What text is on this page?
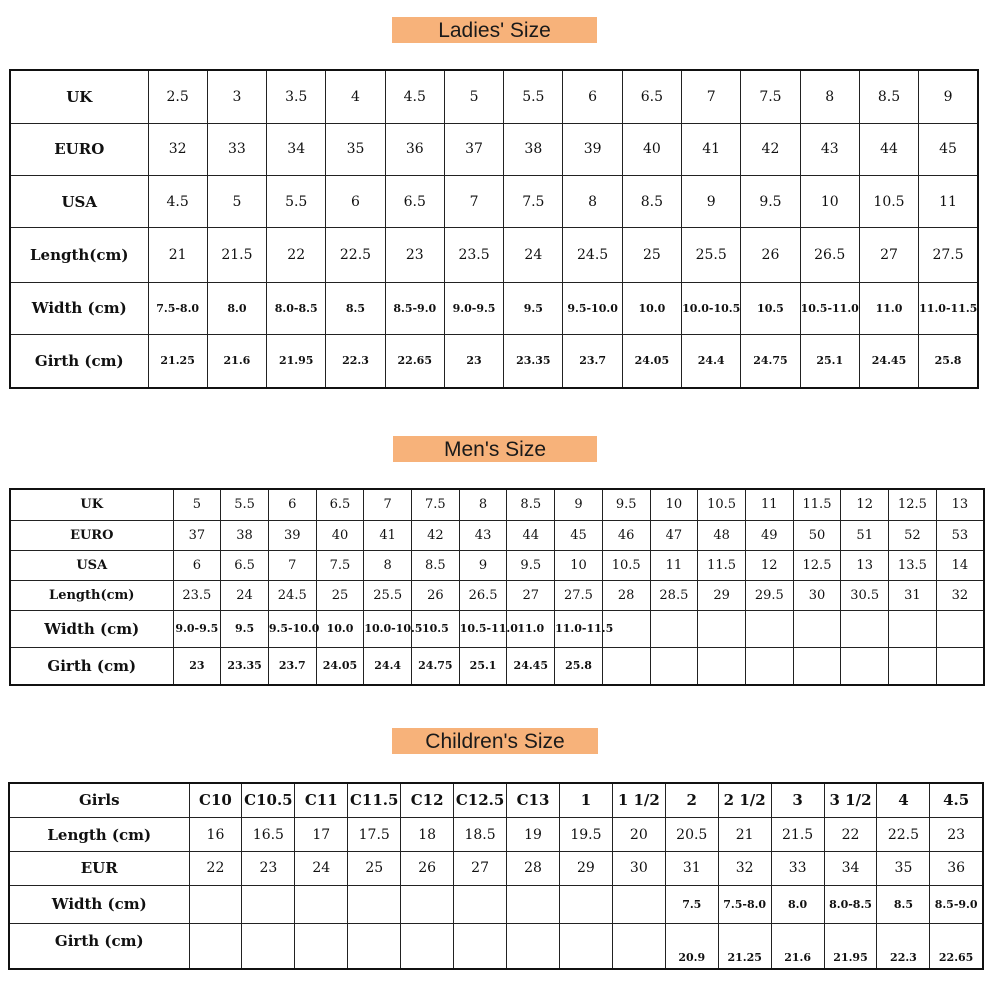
Ladies' Size
UK	2.5	3	3.5	4	4.5	5	5.5	6	6.5	7	7.5	8	8.5	9
EURO	32	33	34	35	36	37	38	39	40	41	42	43	44	45
USA	4.5	5	5.5	6	6.5	7	7.5	8	8.5	9	9.5	10	10.5	11
Length(cm)	21	21.5	22	22.5	23	23.5	24	24.5	25	25.5	26	26.5	27	27.5
Width (cm)	7.5-8.0	8.0	8.0-8.5	8.5	8.5-9.0	9.0-9.5	9.5	9.5-10.0	10.0	10.0-10.5	10.5	10.5-11.0	11.0	11.0-11.5
Girth (cm)	21.25	21.6	21.95	22.3	22.65	23	23.35	23.7	24.05	24.4	24.75	25.1	24.45	25.8
Men's Size
UK	5	5.5	6	6.5	7	7.5	8	8.5	9	9.5	10	10.5	11	11.5	12	12.5	13
EURO	37	38	39	40	41	42	43	44	45	46	47	48	49	50	51	52	53
USA	6	6.5	7	7.5	8	8.5	9	9.5	10	10.5	11	11.5	12	12.5	13	13.5	14
Length(cm)	23.5	24	24.5	25	25.5	26	26.5	27	27.5	28	28.5	29	29.5	30	30.5	31	32
Width (cm)	9.0-9.5	9.5	9.5-10.0	10.0	10.0-10.5	10.5	10.5-11.0	11.0	11.0-11.5								
Girth (cm)	23	23.35	23.7	24.05	24.4	24.75	25.1	24.45	25.8								
Children's Size
Girls	C10	C10.5	C11	C11.5	C12	C12.5	C13	1	1 1/2	2	2 1/2	3	3 1/2	4	4.5
Length (cm)	16	16.5	17	17.5	18	18.5	19	19.5	20	20.5	21	21.5	22	22.5	23
EUR	22	23	24	25	26	27	28	29	30	31	32	33	34	35	36
Width (cm)										7.5	7.5-8.0	8.0	8.0-8.5	8.5	8.5-9.0
Girth (cm)										20.9	21.25	21.6	21.95	22.3	22.65
